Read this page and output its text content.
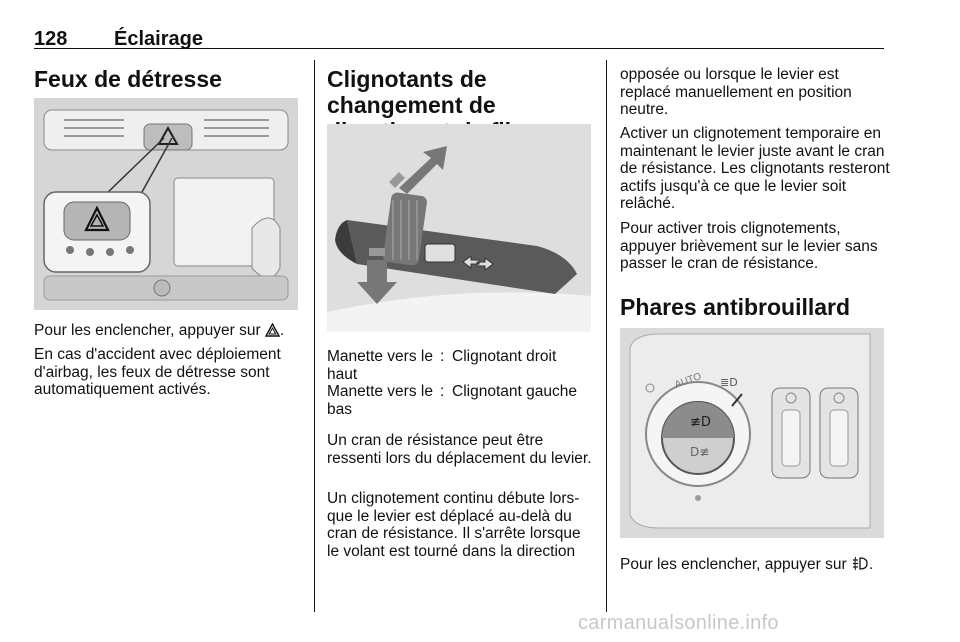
128 Éclairage
Feux de détresse

Pour les enclencher, appuyer sur .

En cas d'accident avec déploiement d'airbag, les feux de détresse sont automatiquement activés.

Clignotants de changement de
Manette vers le haut
: Clignotant droit
Manette vers le bas
: Clignotant gauche

Un cran de résistance peut être ressenti lors du déplacement du levier.

Un clignotement continu débute lors-que le levier est déplacé au-delà du cran de résistance. Il s'arrête lorsque le volant est tourné dans la direction

opposée ou lorsque le levier est replacé manuellement en position neutre.

Activer un clignotement temporaire en maintenant le levier juste avant le cran de résistance. Les clignotants resteront actifs jusqu'à ce que le levier soit relâché.

Pour activer trois clignotements, appuyer brièvement sur le levier sans passer le cran de résistance.

Phares antibrouillard
AUTO ≣D
≢D
D≢

Pour les enclencher, appuyer sur .

carmanualsonline.info
